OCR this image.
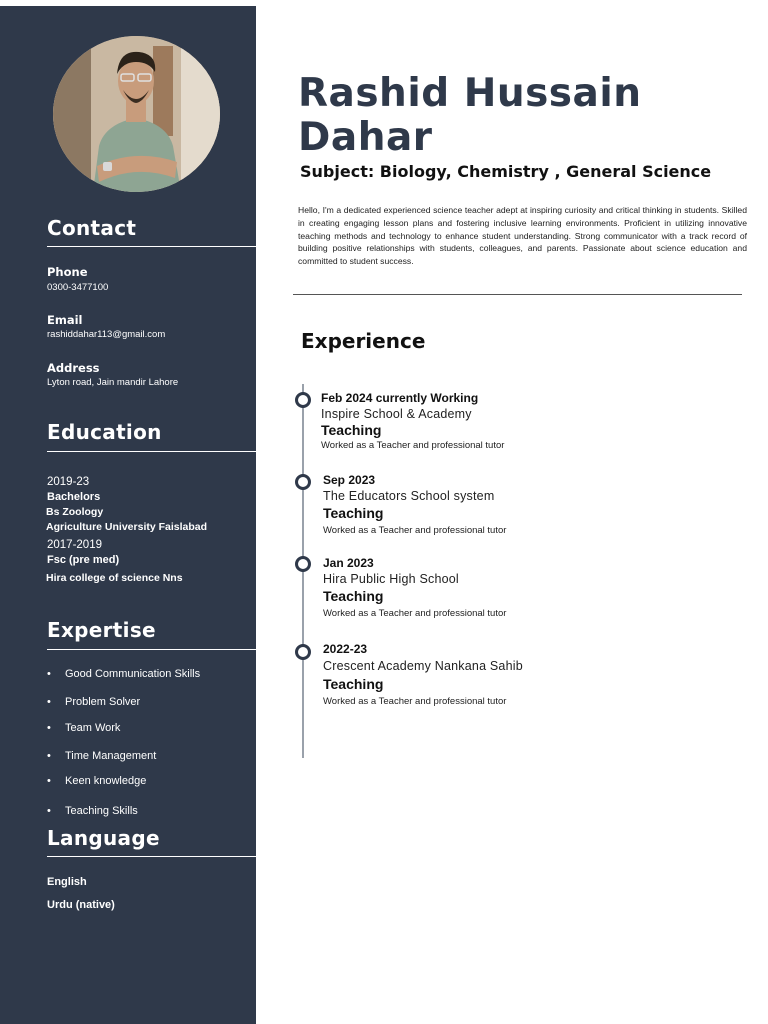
Contact
Phone
0300-3477100
Email
rashiddahar113@gmail.com
Address
Lyton road, Jain mandir Lahore
Education
2019-23
Bachelors
Bs Zoology
Agriculture University Faislabad
2017-2019
Fsc (pre med)
Hira college of science Nns
Expertise
•	Good Communication Skills
•	Problem Solver
•	Team Work
•	Time Management
•	Keen knowledge
•	Teaching Skills
Language
English
Urdu (native)
Rashid Hussain
Dahar
Subject: Biology, Chemistry , General Science

Hello, I'm a dedicated experienced science teacher adept at inspiring curiosity and critical thinking in students. Skilled in creating engaging lesson plans and fostering inclusive learning environments. Proficient in utilizing innovative teaching methods and technology to enhance student understanding. Strong communicator with a track record of building positive relationships with students, colleagues, and parents. Passionate about science education and committed to student success.

Experience
Feb 2024 currently Working
Inspire School & Academy
Teaching
Worked as a Teacher and professional tutor
Sep 2023
The Educators School system
Teaching
Worked as a Teacher and professional tutor
Jan 2023
Hira Public High School
Teaching
Worked as a Teacher and professional tutor
2022-23
Crescent Academy Nankana Sahib
Teaching
Worked as a Teacher and professional tutor
